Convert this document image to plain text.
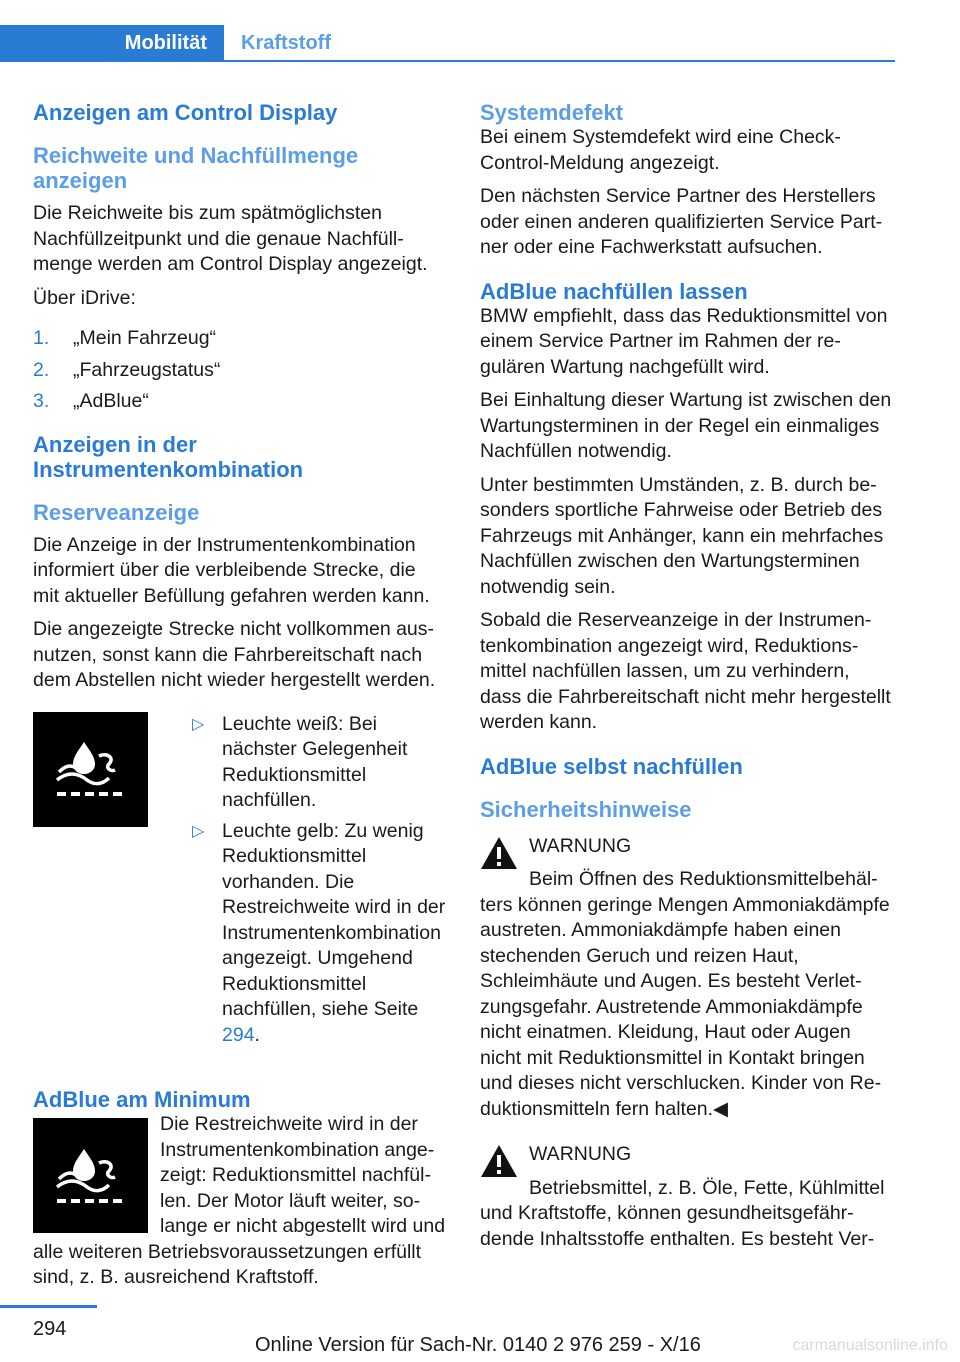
Mobilität	Kraftstoff
Anzeigen am Control Display
Reichweite und Nachfüllmenge anzeigen

Die Reichweite bis zum spätmöglichsten Nachfüllzeitpunkt und die genaue Nachfüllmenge werden am Control Display angezeigt.

Über iDrive:

1.	„Mein Fahrzeug“
2.	„Fahrzeugstatus“
3.	„AdBlue“
Anzeigen in der Instrumentenkombination
Reserveanzeige

Die Anzeige in der Instrumentenkombination informiert über die verbleibende Strecke, die mit aktueller Befüllung gefahren werden kann.

Die angezeigte Strecke nicht vollkommen ausnutzen, sonst kann die Fahrbereitschaft nach dem Abstellen nicht wieder hergestellt werden.

▷ Leuchte weiß: Bei nächster Gelegenheit Reduktionsmittel nachfüllen.
▷ Leuchte gelb: Zu wenig Reduktionsmittel vorhanden. Die Restreichweite wird in der Instrumentenkombination angezeigt. Umgehend Reduktionsmittel nachfüllen, siehe Seite 294.
AdBlue am Minimum

Die Restreichweite wird in der Instrumentenkombination angezeigt: Reduktionsmittel nachfüllen. Der Motor läuft weiter, solange er nicht abgestellt wird und alle weiteren Betriebsvoraussetzungen erfüllt sind, z. B. ausreichend Kraftstoff.

Systemdefekt

Bei einem Systemdefekt wird eine Check-Control-Meldung angezeigt.

Den nächsten Service Partner des Herstellers oder einen anderen qualifizierten Service Partner oder eine Fachwerkstatt aufsuchen.

AdBlue nachfüllen lassen

BMW empfiehlt, dass das Reduktionsmittel von einem Service Partner im Rahmen der regulären Wartung nachgefüllt wird.

Bei Einhaltung dieser Wartung ist zwischen den Wartungsterminen in der Regel ein einmaliges Nachfüllen notwendig.

Unter bestimmten Umständen, z. B. durch besonders sportliche Fahrweise oder Betrieb des Fahrzeugs mit Anhänger, kann ein mehrfaches Nachfüllen zwischen den Wartungsterminen notwendig sein.

Sobald die Reserveanzeige in der Instrumentenkombination angezeigt wird, Reduktionsmittel nachfüllen lassen, um zu verhindern, dass die Fahrbereitschaft nicht mehr hergestellt werden kann.

AdBlue selbst nachfüllen
Sicherheitshinweise

WARNUNG

Beim Öffnen des Reduktionsmittelbehälters können geringe Mengen Ammoniakdämpfe austreten. Ammoniakdämpfe haben einen stechenden Geruch und reizen Haut, Schleimhäute und Augen. Es besteht Verletzungsgefahr. Austretende Ammoniakdämpfe nicht einatmen. Kleidung, Haut oder Augen nicht mit Reduktionsmittel in Kontakt bringen und dieses nicht verschlucken. Kinder von Reduktionsmitteln fern halten.◀

WARNUNG

Betriebsmittel, z. B. Öle, Fette, Kühlmittel und Kraftstoffe, können gesundheitsgefährdende Inhaltsstoffe enthalten. Es besteht Ver-

294
Online Version für Sach-Nr. 0140 2 976 259 - X/16	carmanualsonline.info
